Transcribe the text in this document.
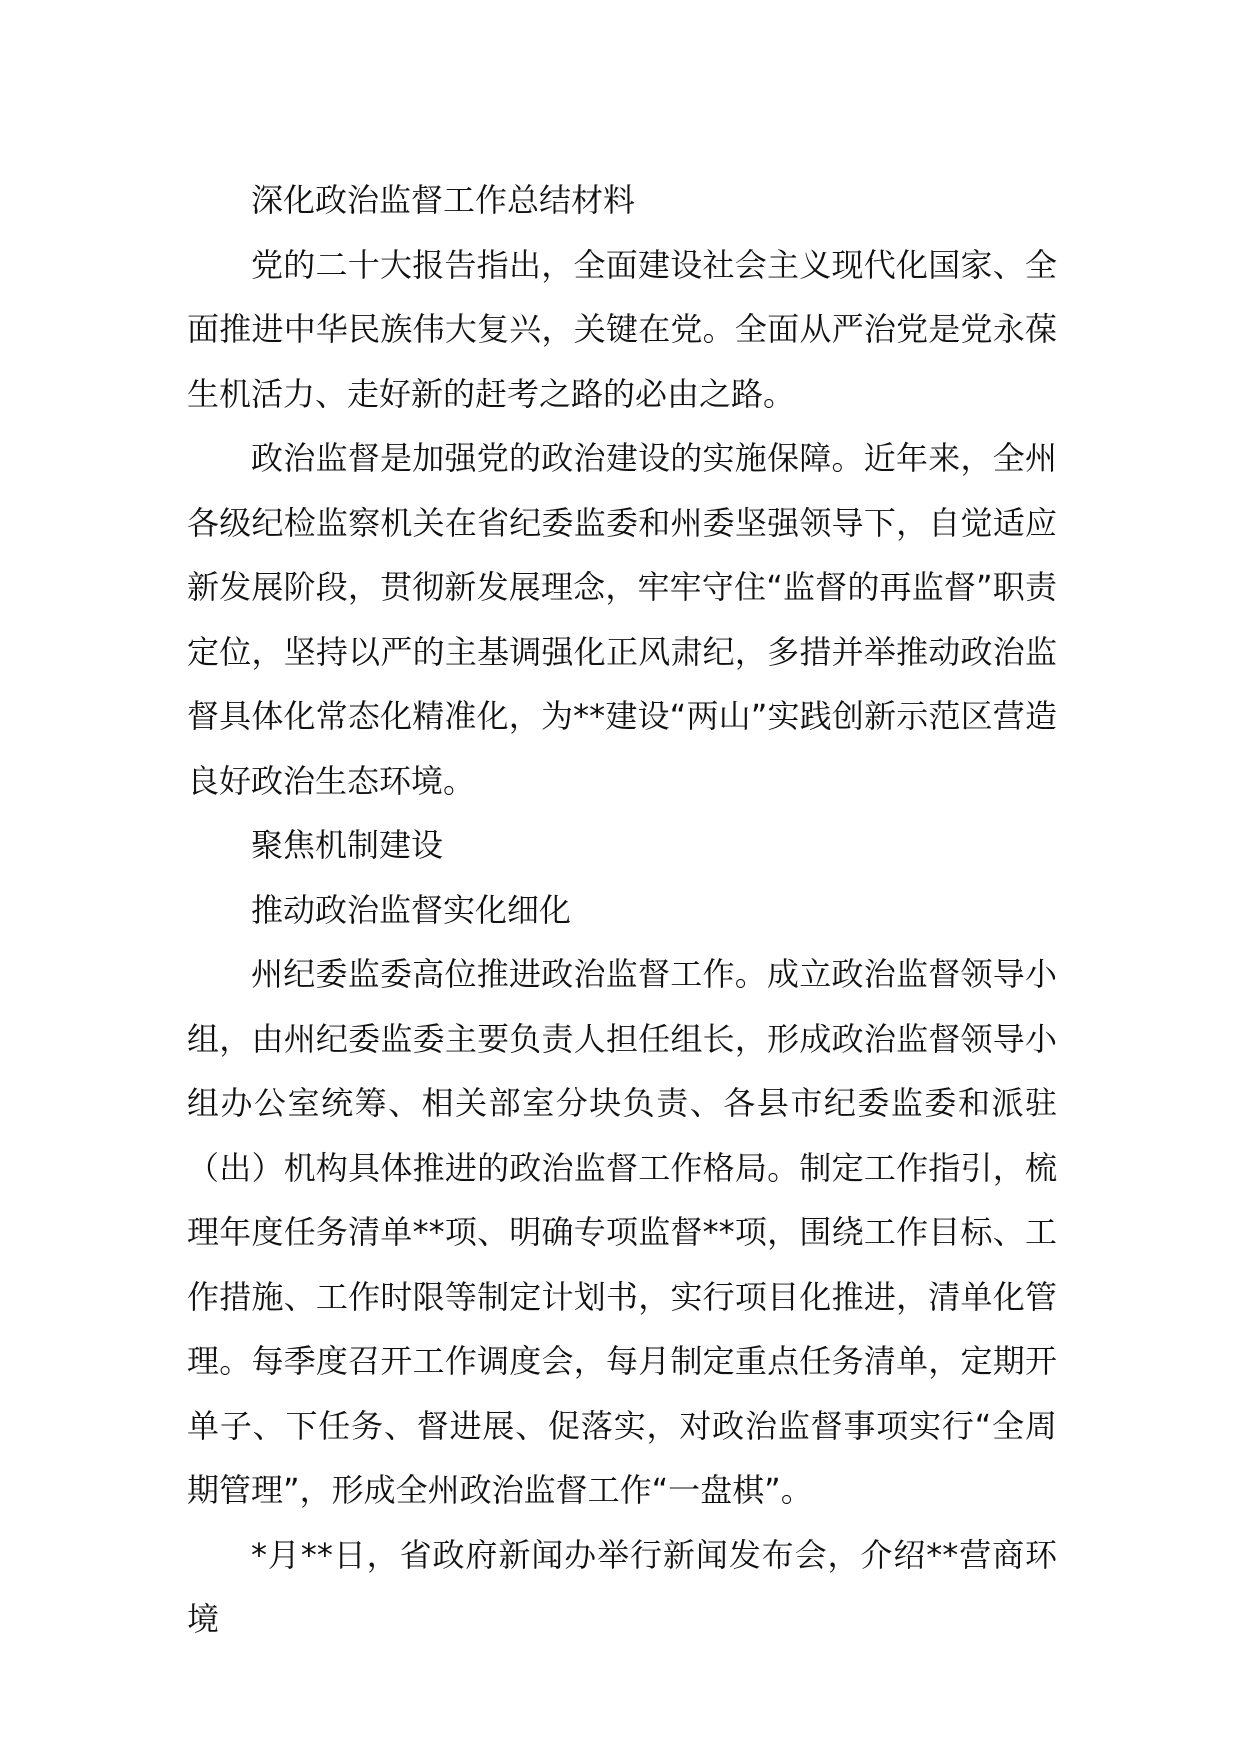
深化政治监督工作总结材料

党的二十大报告指出，全面建设社会主义现代化国家、全面推进中华民族伟大复兴，关键在党。全面从严治党是党永葆生机活力、走好新的赶考之路的必由之路。

政治监督是加强党的政治建设的实施保障。近年来，全州各级纪检监察机关在省纪委监委和州委坚强领导下，自觉适应新发展阶段，贯彻新发展理念，牢牢守住“监督的再监督”职责定位，坚持以严的主基调强化正风肃纪，多措并举推动政治监督具体化常态化精准化，为**建设“两山”实践创新示范区营造良好政治生态环境。

聚焦机制建设

推动政治监督实化细化

州纪委监委高位推进政治监督工作。成立政治监督领导小组，由州纪委监委主要负责人担任组长，形成政治监督领导小组办公室统筹、相关部室分块负责、各县市纪委监委和派驻（出）机构具体推进的政治监督工作格局。制定工作指引，梳理年度任务清单**项、明确专项监督**项，围绕工作目标、工作措施、工作时限等制定计划书，实行项目化推进，清单化管理。每季度召开工作调度会，每月制定重点任务清单，定期开单子、下任务、督进展、促落实，对政治监督事项实行“全周期管理”，形成全州政治监督工作“一盘棋”。

*月**日，省政府新闻办举行新闻发布会，介绍**营商环境
